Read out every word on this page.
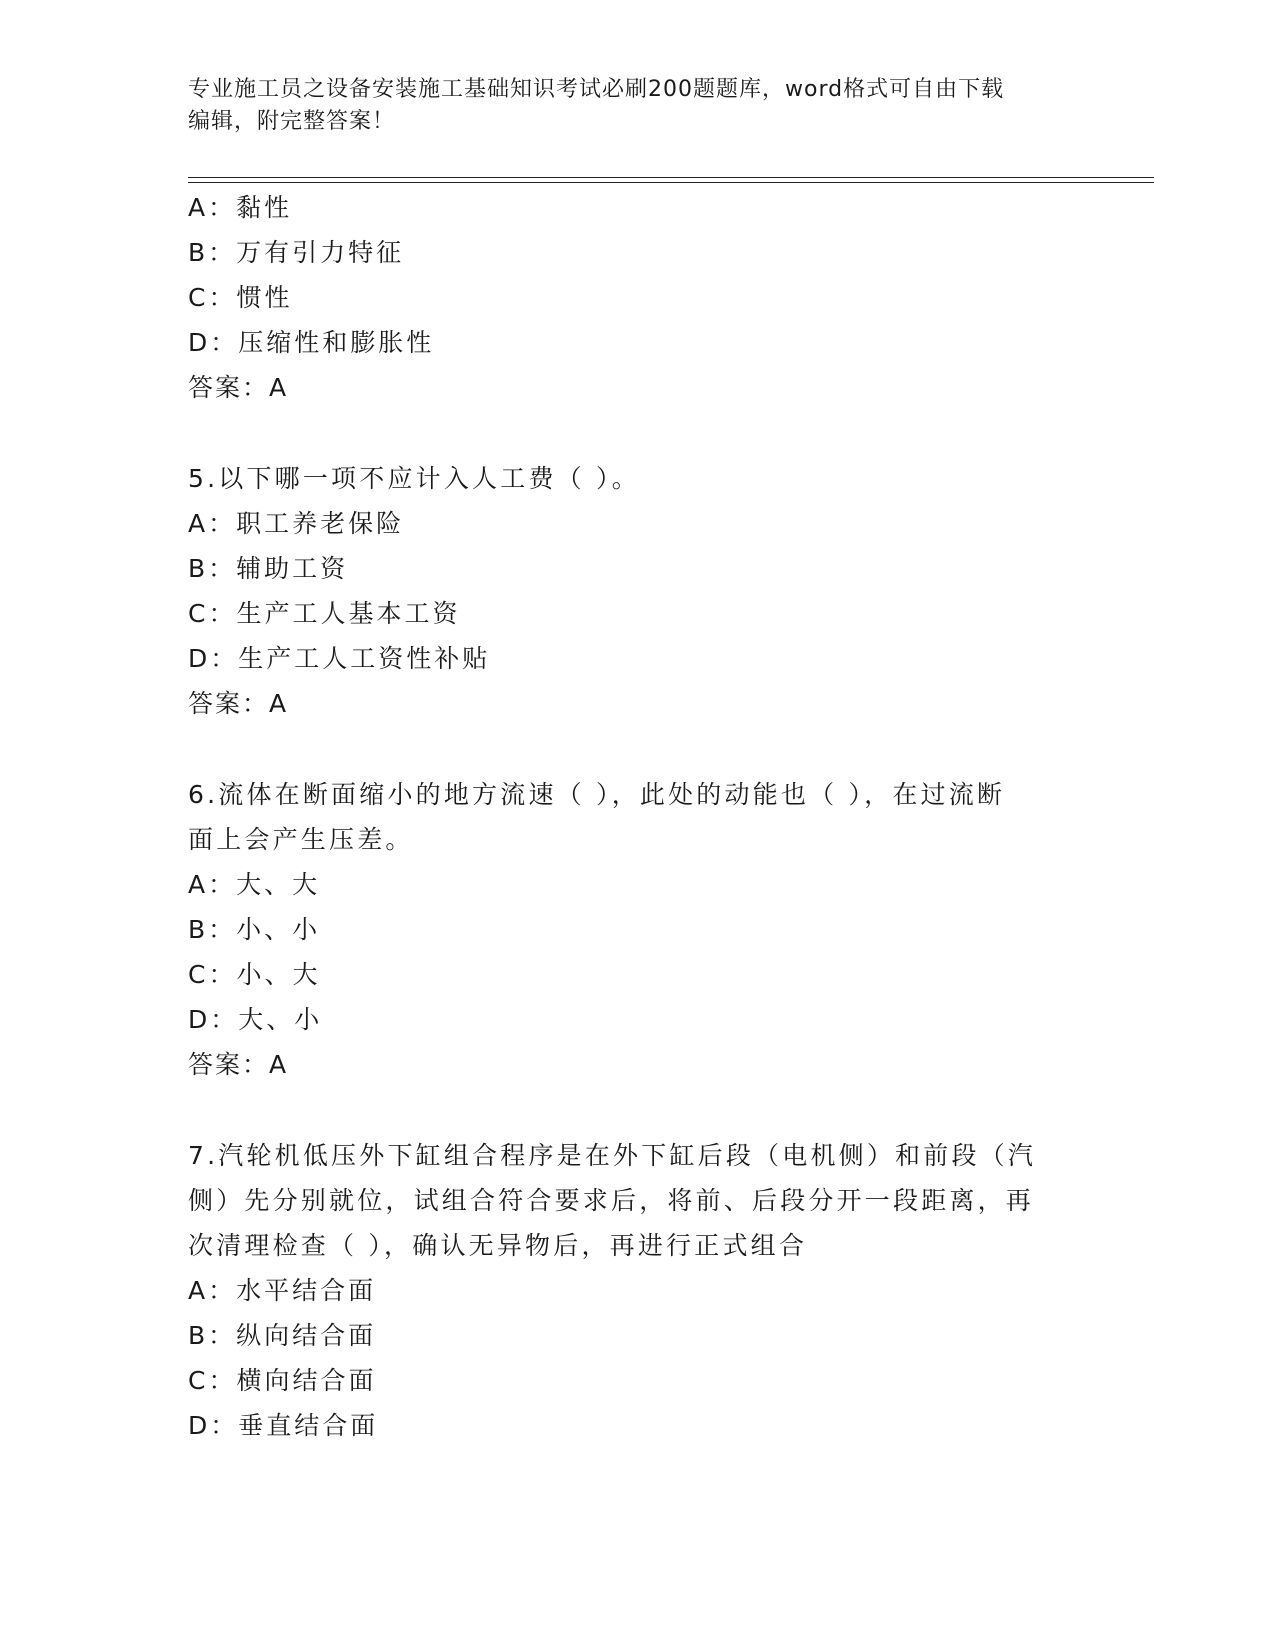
专业施工员之设备安装施工基础知识考试必刷200题题库，word格式可自由下载
编辑，附完整答案！
A：黏性
B：万有引力特征
C：惯性
D：压缩性和膨胀性
答案：A
5.以下哪一项不应计入人工费（ ）。
A：职工养老保险
B：辅助工资
C：生产工人基本工资
D：生产工人工资性补贴
答案：A
6.流体在断面缩小的地方流速（ ），此处的动能也（ ），在过流断
面上会产生压差。
A：大、大
B：小、小
C：小、大
D：大、小
答案：A
7.汽轮机低压外下缸组合程序是在外下缸后段（电机侧）和前段（汽
侧）先分别就位，试组合符合要求后，将前、后段分开一段距离，再
次清理检查（ ），确认无异物后，再进行正式组合
A：水平结合面
B：纵向结合面
C：横向结合面
D：垂直结合面
